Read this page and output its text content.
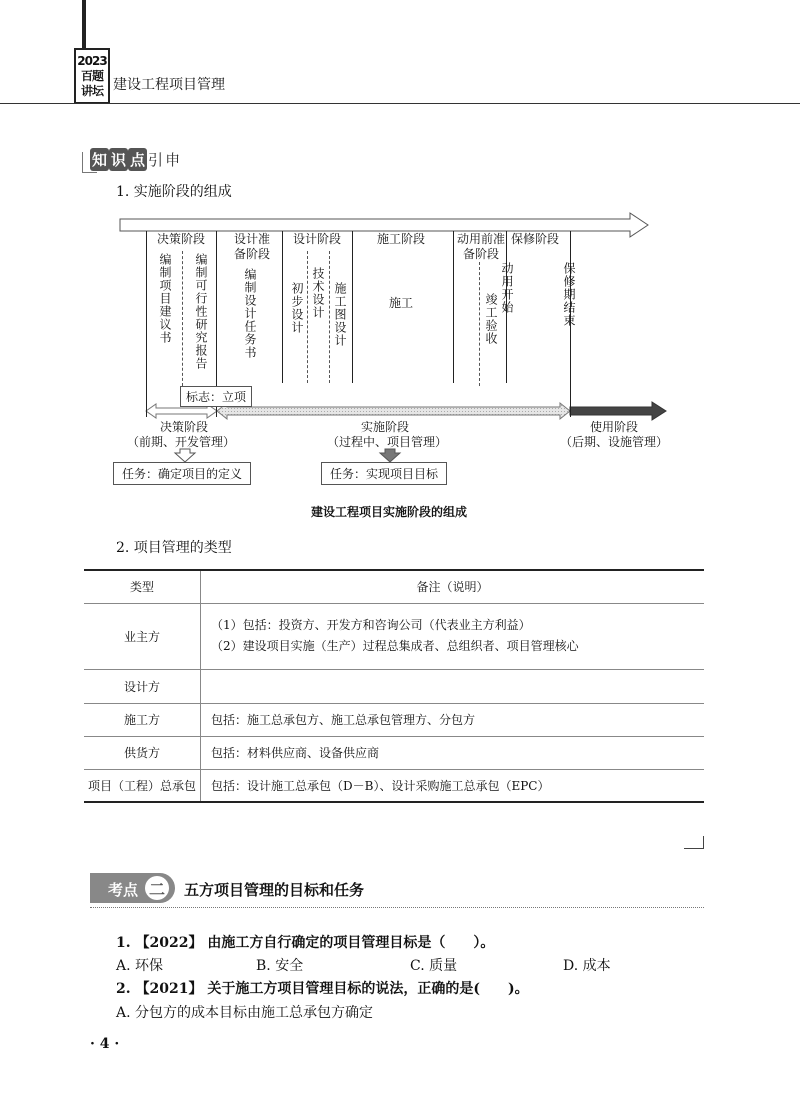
2023
百题
讲坛 建设工程项目管理
知 识 点 引 申
1. 实施阶段的组成
决策阶段	设计准
备阶段
设计阶段	施工阶段	动用前准
备阶段
保修阶段
编制项目建议书 编制可行性研究报告	编制设计任务书	初步设计 技术设计 施工图设计	施工	竣工验收
动用开始	保修期结束
标志：立项
决策阶段
（前期、开发管理）
实施阶段
（过程中、项目管理）
使用阶段
（后期、设施管理）
任务：确定项目的定义	任务：实现项目目标
建设工程项目实施阶段的组成
2. 项目管理的类型
类型	备注（说明）
业主方	（1）包括：投资方、开发方和咨询公司（代表业主方利益）
（2）建设项目实施（生产）过程总集成者、总组织者、项目管理核心

设计方	
施工方	包括：施工总承包方、施工总承包管理方、分包方
供货方	包括：材料供应商、设备供应商
项目（工程）总承包	包括：设计施工总承包（D－B）、设计采购施工总承包（EPC）
考点 二 五方项目管理的目标和任务
1. 【2022】 由施工方自行确定的项目管理目标是（　　）。
A. 环保	B. 安全	C. 质量	D. 成本
2. 【2021】 关于施工方项目管理目标的说法，正确的是(　　)。
A. 分包方的成本目标由施工总承包方确定
· 4 ·
